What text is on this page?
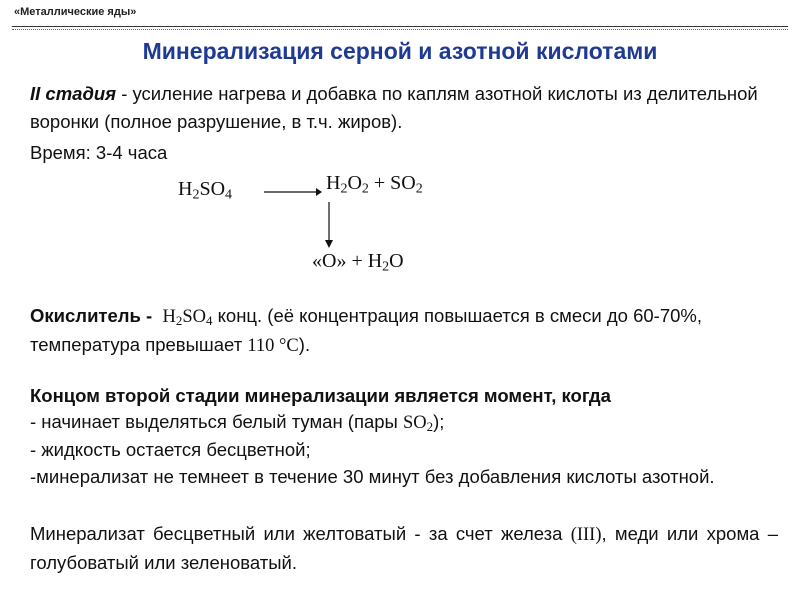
«Металлические яды»
Минерализация серной и азотной кислотами
II стадия - усиление нагрева и добавка по каплям азотной кислоты из делительной воронки (полное разрушение, в т.ч. жиров).
Время: 3-4 часа
$H_2SO_4$
$H_2O_2 + SO_2$
«O» + $H_2O$
Окислитель - $H_2SO_4$ конц. (её концентрация повышается в смеси до 60-70%,
температура превышает 110 °С).
Концом второй стадии минерализации является момент, когда
- начинает выделяться белый туман (пары $SO_2$);
- жидкость остается бесцветной;
-минерализат не темнеет в течение 30 минут без добавления кислоты азотной.
Минерализат бесцветный или желтоватый - за счет железа (III), меди или хрома – голубоватый или зеленоватый.
